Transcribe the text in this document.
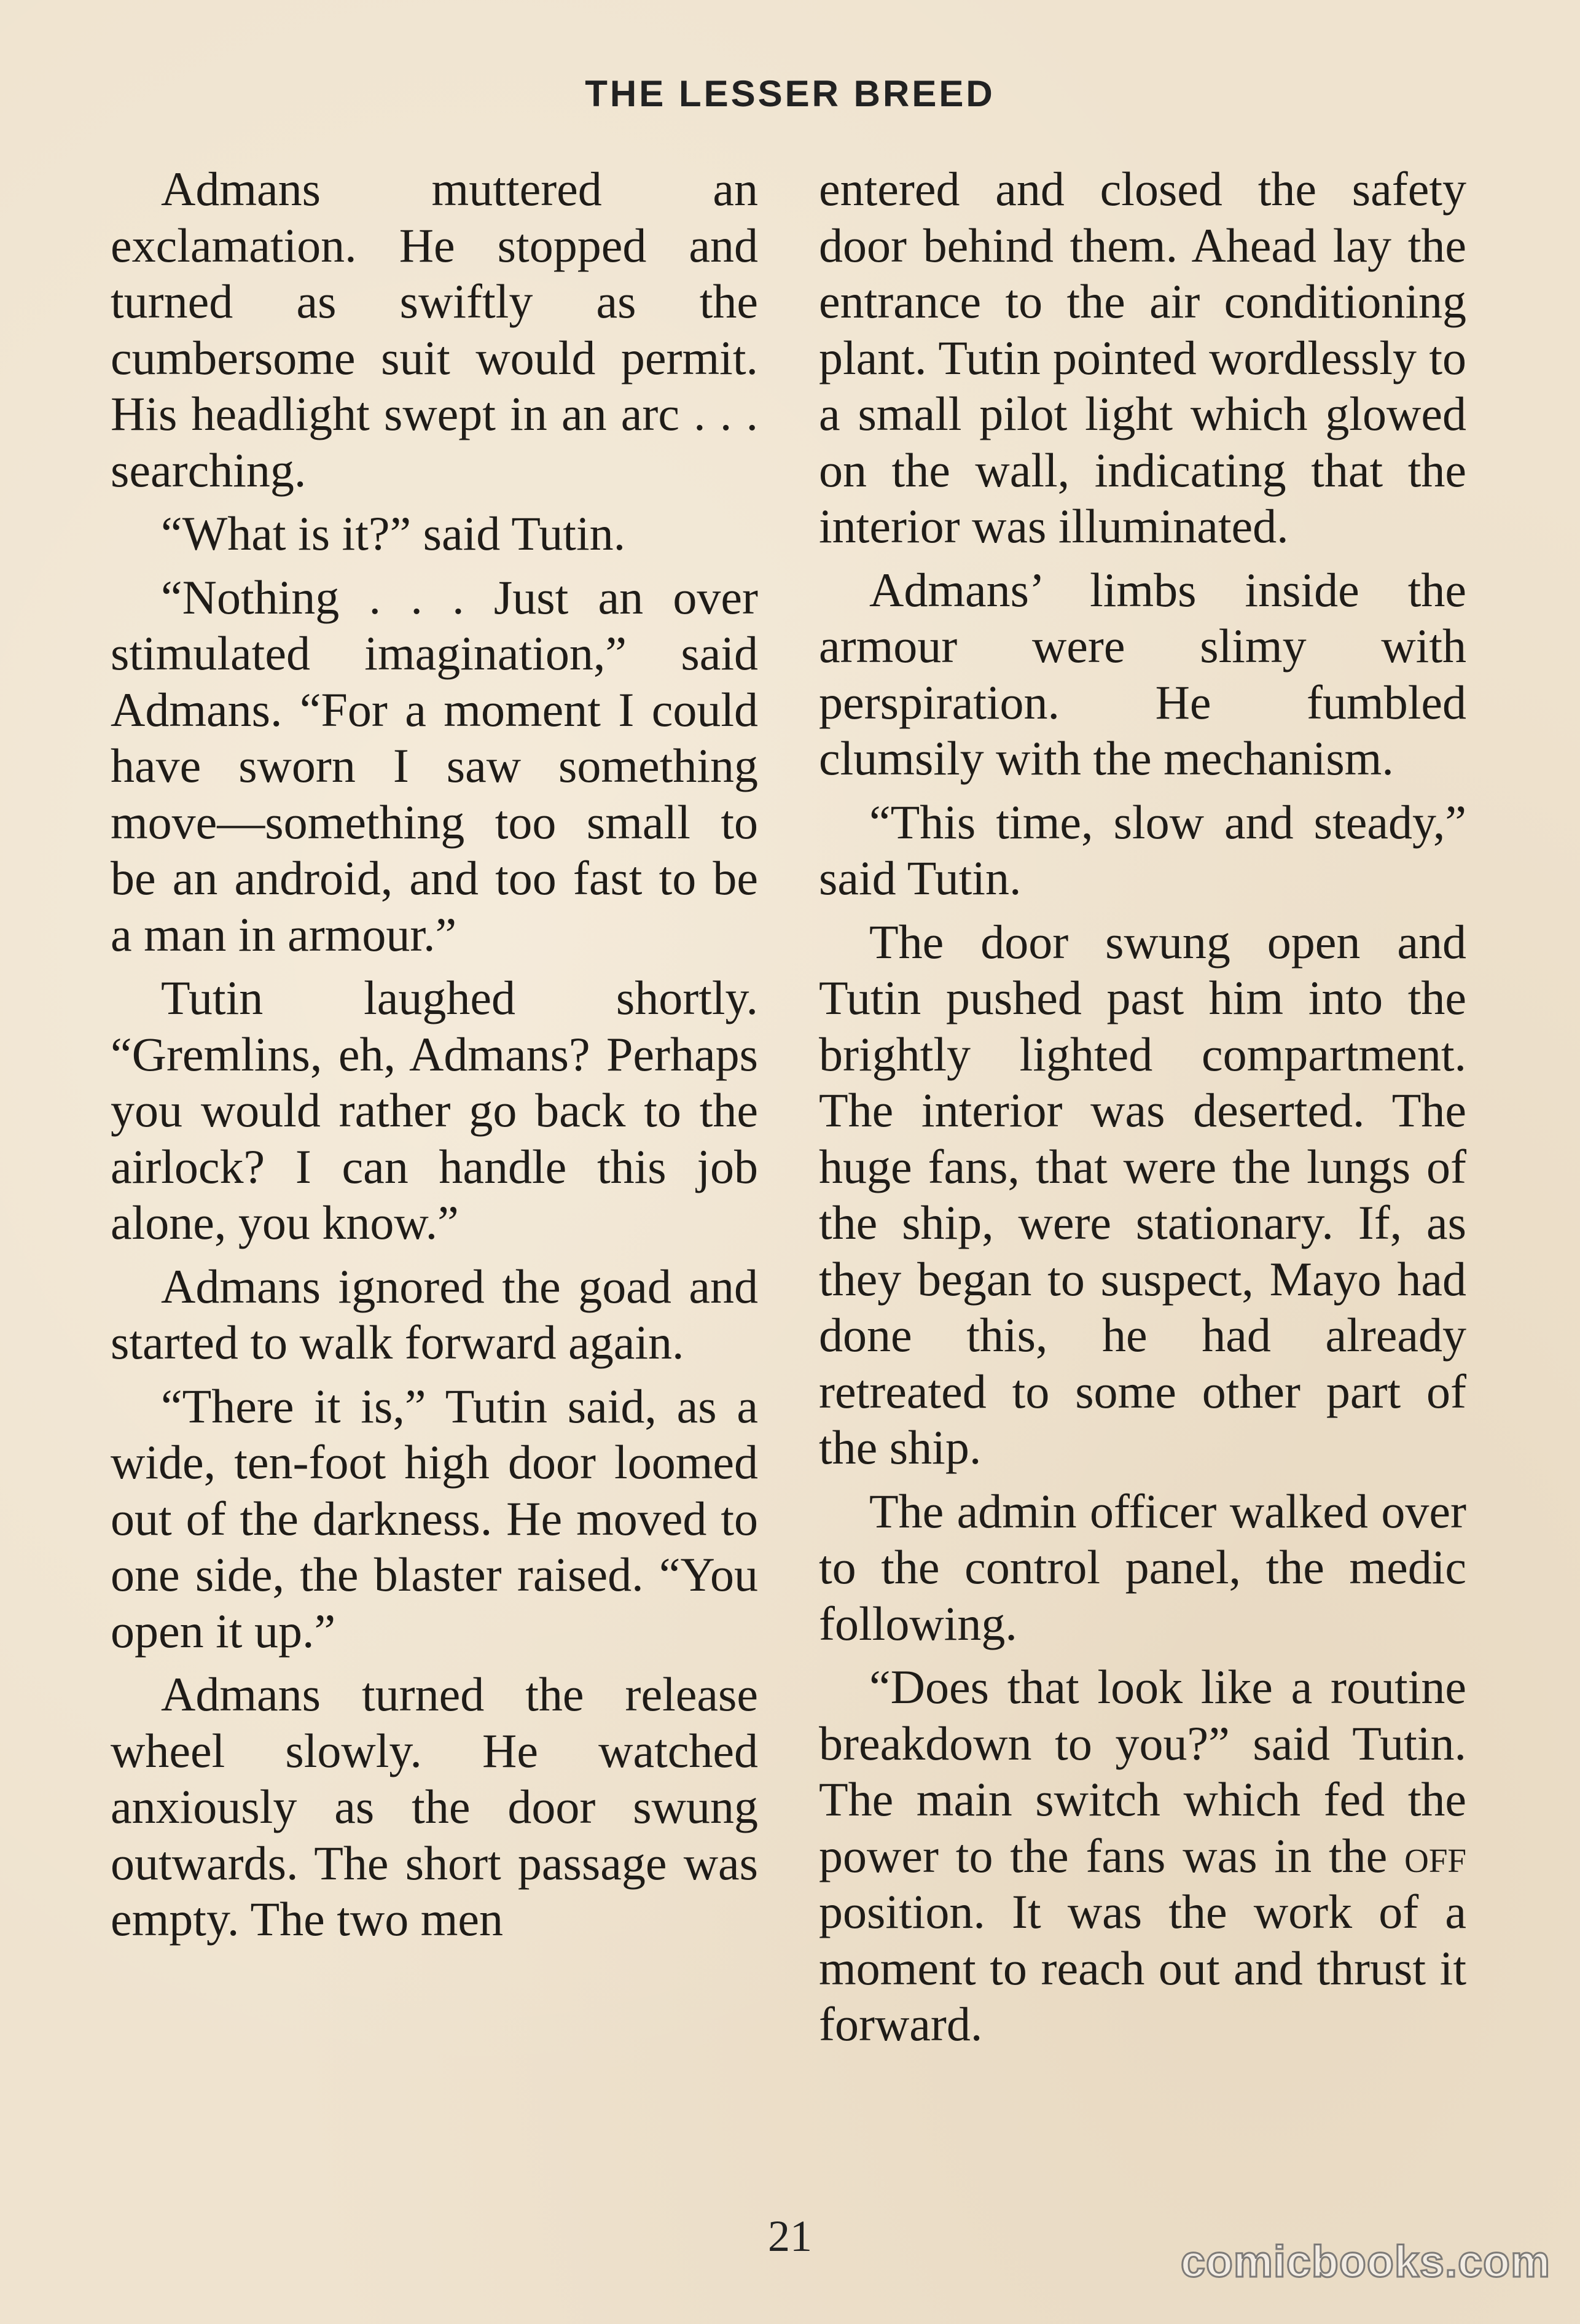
THE LESSER BREED

Admans muttered an exclamation. He stopped and turned as swiftly as the cumbersome suit would permit. His headlight swept in an arc . . . searching.

“What is it?” said Tutin.

“Nothing . . . Just an over stimulated imagination,” said Admans. “For a moment I could have sworn I saw something move—something too small to be an android, and too fast to be a man in armour.”

Tutin laughed shortly. “Gremlins, eh, Admans? Perhaps you would rather go back to the airlock? I can handle this job alone, you know.”

Admans ignored the goad and started to walk forward again.

“There it is,” Tutin said, as a wide, ten-foot high door loomed out of the darkness. He moved to one side, the blaster raised. “You open it up.”

Admans turned the release wheel slowly. He watched anxiously as the door swung outwards. The short passage was empty. The two men

entered and closed the safety door behind them. Ahead lay the entrance to the air conditioning plant. Tutin pointed wordlessly to a small pilot light which glowed on the wall, indicating that the interior was illuminated.

Admans’ limbs inside the armour were slimy with perspiration. He fumbled clumsily with the mechanism.

“This time, slow and steady,” said Tutin.

The door swung open and Tutin pushed past him into the brightly lighted compartment. The interior was deserted. The huge fans, that were the lungs of the ship, were stationary. If, as they began to suspect, Mayo had done this, he had already retreated to some other part of the ship.

The admin officer walked over to the control panel, the medic following.

“Does that look like a routine breakdown to you?” said Tutin. The main switch which fed the power to the fans was in the off position. It was the work of a moment to reach out and thrust it forward.

21
comicbooks.com
